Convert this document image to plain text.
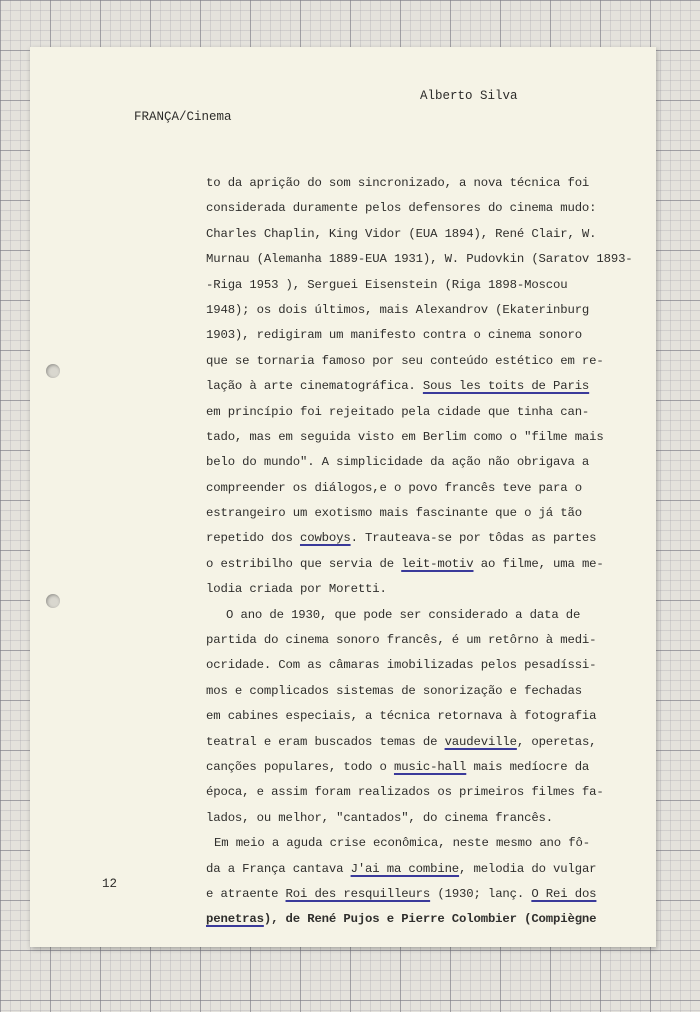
Alberto Silva
FRANÇA/Cinema
to da aprição do som sincronizado, a nova técnica foi
considerada duramente pelos defensores do cinema mudo:
Charles Chaplin, King Vidor (EUA 1894), René Clair, W.
Murnau (Alemanha 1889-EUA 1931), W. Pudovkin (Saratov 1893-
-Riga 1953 ), Serguei Eisenstein (Riga 1898-Moscou
1948); os dois últimos, mais Alexandrov (Ekaterinburg
1903), redigiram um manifesto contra o cinema sonoro
que se tornaria famoso por seu conteúdo estético em re-
lação à arte cinematográfica. Sous les toits de Paris
em princípio foi rejeitado pela cidade que tinha can-
tado, mas em seguida visto em Berlim como o "filme mais
belo do mundo". A simplicidade da ação não obrigava a
compreender os diálogos,e o povo francês teve para o
estrangeiro um exotismo mais fascinante que o já tão
repetido dos cowboys. Trauteava-se por tôdas as partes
o estribilho que servia de leit-motiv ao filme, uma me-
lodia criada por Moretti.
O ano de 1930, que pode ser considerado a data de
partida do cinema sonoro francês, é um retôrno à medi-
ocridade. Com as câmaras imobilizadas pelos pesadíssi-
mos e complicados sistemas de sonorização e fechadas
em cabines especiais, a técnica retornava à fotografia
teatral e eram buscados temas de vaudeville, operetas,
canções populares, todo o music-hall mais medíocre da
época, e assim foram realizados os primeiros filmes fa-
lados, ou melhor, "cantados", do cinema francês.
Em meio a aguda crise econômica, neste mesmo ano fô-
da a França cantava J'ai ma combine, melodia do vulgar
e atraente Roi des resquilleurs (1930; lanç. O Rei dos
penetras), de René Pujos e Pierre Colombier (Compiègne
12
